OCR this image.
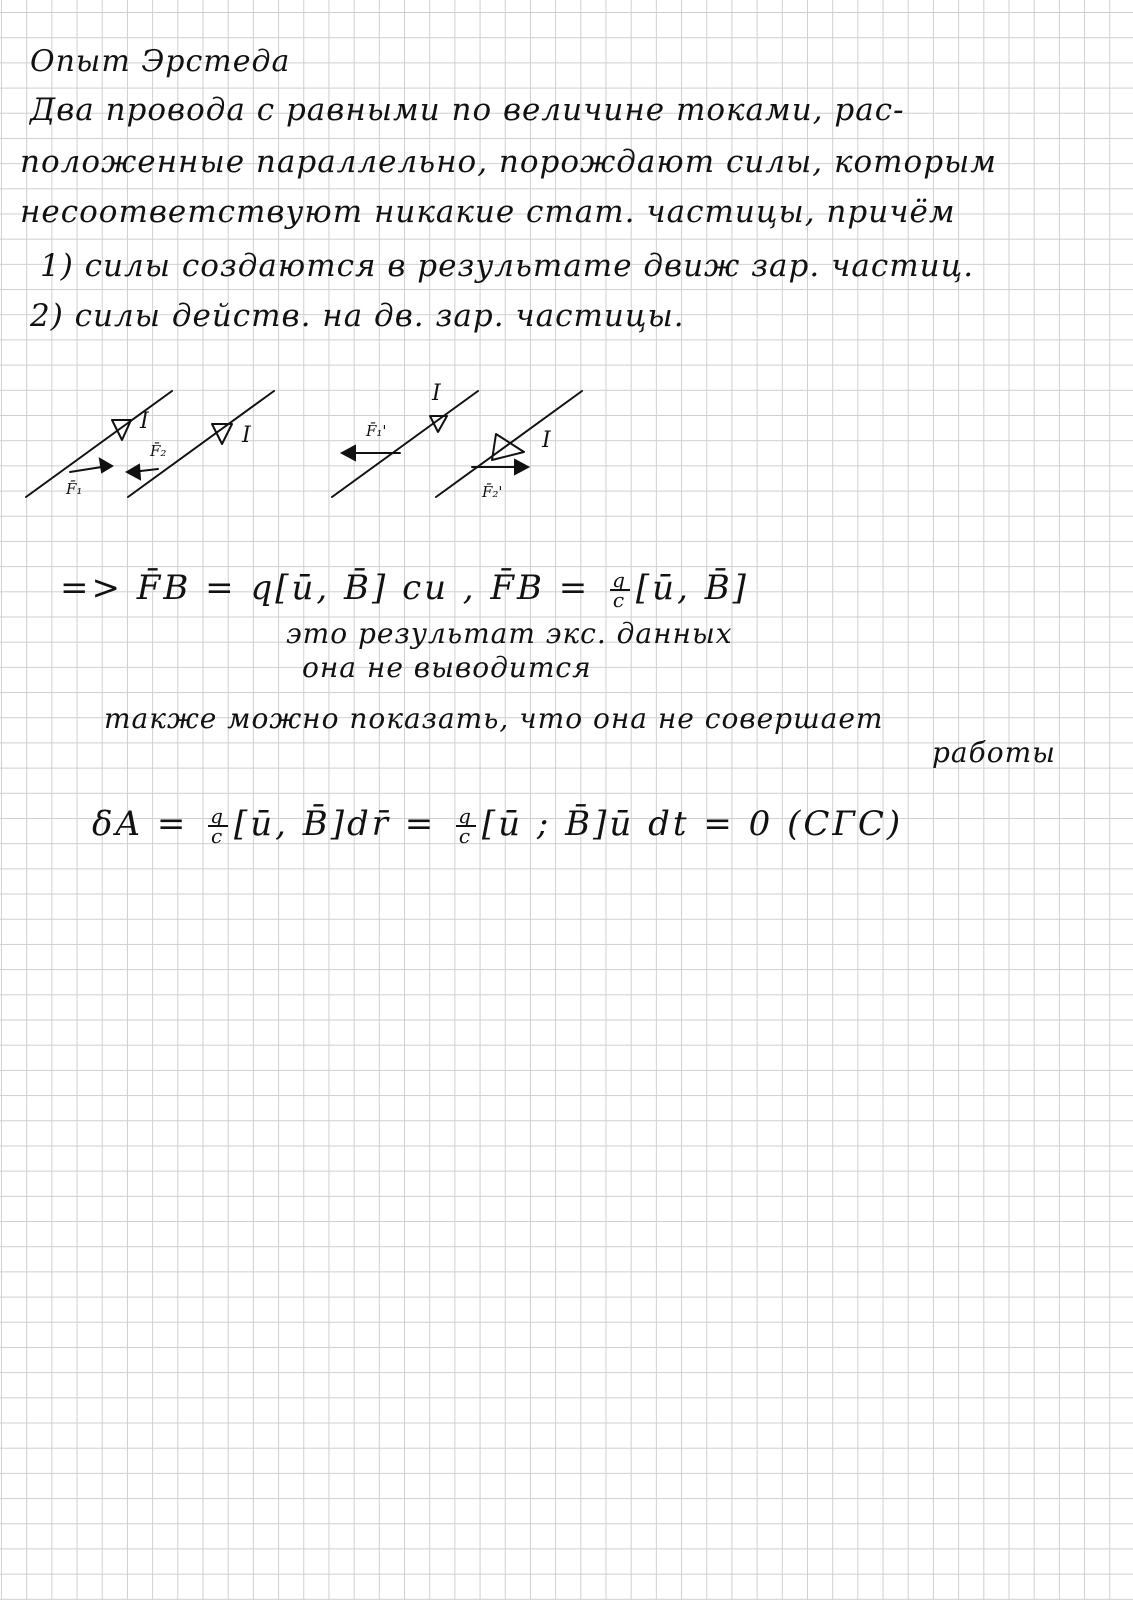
Опыт Эрстеда
Два провода с равными по величине токами, рас-
положенные параллельно, порождают силы, которым
несоответствуют никакие стат. частицы, причём
1) силы создаются в результате движ зар. частиц.
2) силы действ. на дв. зар. частицы.
I
I
I
I
F̄₁
F̄₂
F̄₁'
F̄₂'
=> F̄B = q[ū, B̄] си , F̄B = $\frac{q}{c}$ [ū, B̄]
это результат экс. данных
она не выводится
также можно показать, что она не совершает
работы
$\delta A = \frac{q}{c}$ [ū, B̄]dr̄ = $\frac{q}{c}$ [ū ; B̄]ū dt = 0 (СГС)
